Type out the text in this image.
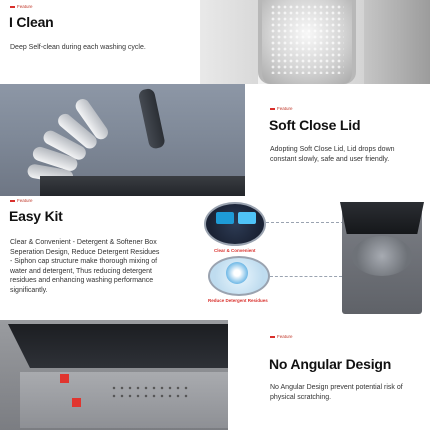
Feature
I Clean

Deep Self-clean during each washing cycle.

Feature
Soft Close Lid

Adopting Soft Close Lid, Lid drops down constant slowly, safe and user friendly.

Feature
Easy Kit

Clear & Convenient - Detergent & Softener Box Seperation Design, Reduce Detergent Residues - Siphon cap structure make thorough mixing of water and detergent, Thus reducing detergent residues and enhancing washing performance significantly.

Clear & Convenient
Reduce Detergent Residues
Feature
No Angular Design

No Angular Design prevent potential risk of physical scratching.
